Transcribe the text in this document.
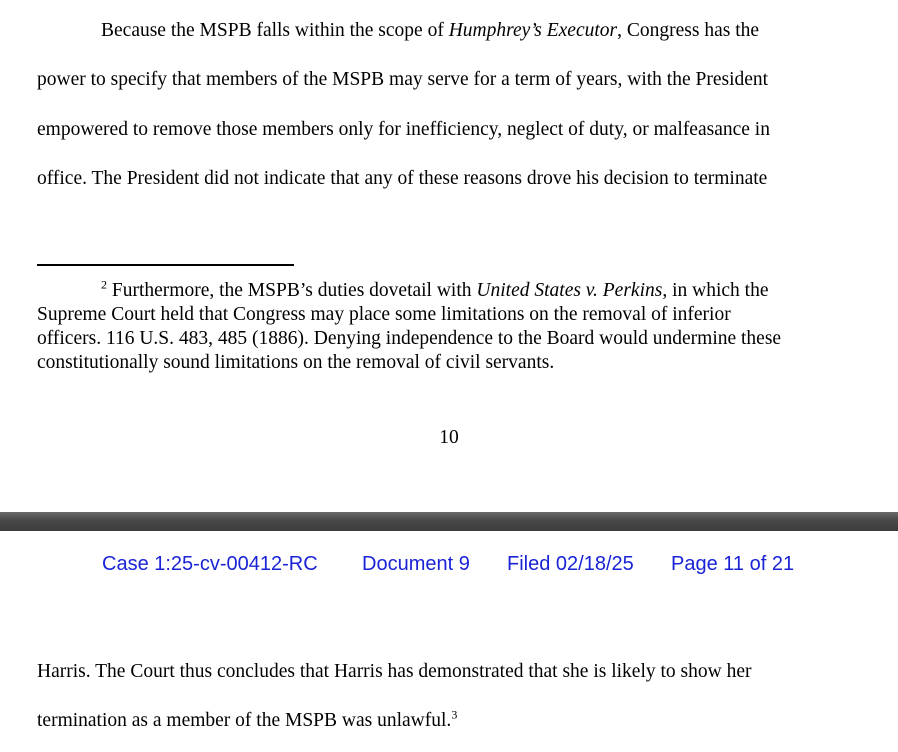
Because the MSPB falls within the scope of Humphrey’s Executor, Congress has the
power to specify that members of the MSPB may serve for a term of years, with the President
empowered to remove those members only for inefficiency, neglect of duty, or malfeasance in
office. The President did not indicate that any of these reasons drove his decision to terminate
$^2$ Furthermore, the MSPB’s duties dovetail with United States v. Perkins, in which the
Supreme Court held that Congress may place some limitations on the removal of inferior
officers. 116 U.S. 483, 485 (1886). Denying independence to the Board would undermine these
constitutionally sound limitations on the removal of civil servants.
10
Case 1:25-cv-00412-RC Document 9 Filed 02/18/25 Page 11 of 21
Harris. The Court thus concludes that Harris has demonstrated that she is likely to show her
termination as a member of the MSPB was unlawful.$^3$
